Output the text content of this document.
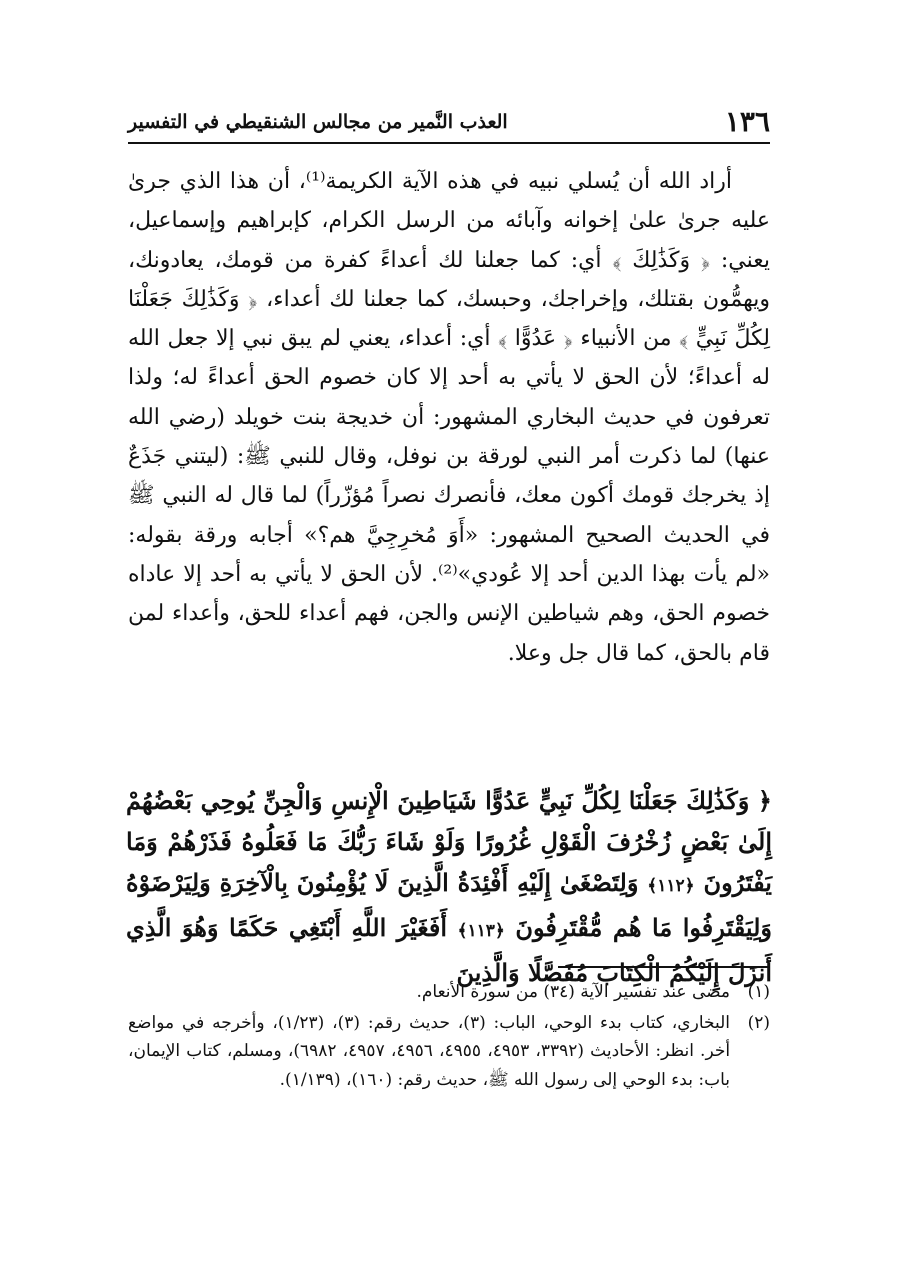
١٣٦
العذب النَّمير من مجالس الشنقيطي في التفسير

أراد الله أن يُسلي نبيه في هذه الآية الكريمة⁽¹⁾، أن هذا الذي جرىٰ عليه جرىٰ علىٰ إخوانه وآبائه من الرسل الكرام، كإبراهيم وإسماعيل، يعني: ﴿ وَكَذَٰلِكَ ﴾ أي: كما جعلنا لك أعداءً كفرة من قومك، يعادونك، ويهمُّون بقتلك، وإخراجك، وحبسك، كما جعلنا لك أعداء، ﴿ وَكَذَٰلِكَ جَعَلْنَا لِكُلِّ نَبِيٍّ ﴾ من الأنبياء ﴿ عَدُوًّا ﴾ أي: أعداء، يعني لم يبق نبي إلا جعل الله له أعداءً؛ لأن الحق لا يأتي به أحد إلا كان خصوم الحق أعداءً له؛ ولذا تعرفون في حديث البخاري المشهور: أن خديجة بنت خويلد (رضي الله عنها) لما ذكرت أمر النبي لورقة بن نوفل، وقال للنبي ﷺ: (ليتني جَذَعٌ إذ يخرجك قومك أكون معك، فأنصرك نصراً مُؤزّراً) لما قال له النبي ﷺ في الحديث الصحيح المشهور: «أَوَ مُخرِجِيَّ هم؟» أجابه ورقة بقوله: «لم يأت بهذا الدين أحد إلا عُودي»⁽²⁾. لأن الحق لا يأتي به أحد إلا عاداه خصوم الحق، وهم شياطين الإنس والجن، فهم أعداء للحق، وأعداء لمن قام بالحق، كما قال جل وعلا.

﴿ وَكَذَٰلِكَ جَعَلْنَا لِكُلِّ نَبِيٍّ عَدُوًّا شَيَاطِينَ الْإِنسِ وَالْجِنِّ يُوحِي بَعْضُهُمْ إِلَىٰ بَعْضٍ زُخْرُفَ الْقَوْلِ غُرُورًا وَلَوْ شَاءَ رَبُّكَ مَا فَعَلُوهُ فَذَرْهُمْ وَمَا يَفْتَرُونَ ﴿١١٢﴾ وَلِتَصْغَىٰ إِلَيْهِ أَفْئِدَةُ الَّذِينَ لَا يُؤْمِنُونَ بِالْآخِرَةِ وَلِيَرْضَوْهُ وَلِيَقْتَرِفُوا مَا هُم مُّقْتَرِفُونَ ﴿١١٣﴾ أَفَغَيْرَ اللَّهِ أَبْتَغِي حَكَمًا وَهُوَ الَّذِي أَنزَلَ إِلَيْكُمُ الْكِتَابَ مُفَصَّلًا وَالَّذِينَ

(١)
مضى عند تفسير الآية (٣٤) من سورة الأنعام.
(٢)
البخاري، كتاب بدء الوحي، الباب: (٣)، حديث رقم: (٣)، (١/٢٣)، وأخرجه في مواضع أخر. انظر: الأحاديث (٣٣٩٢، ٤٩٥٣، ٤٩٥٥، ٤٩٥٦، ٤٩٥٧، ٦٩٨٢)، ومسلم، كتاب الإيمان، باب: بدء الوحي إلى رسول الله ﷺ، حديث رقم: (١٦٠)، (١/١٣٩).
